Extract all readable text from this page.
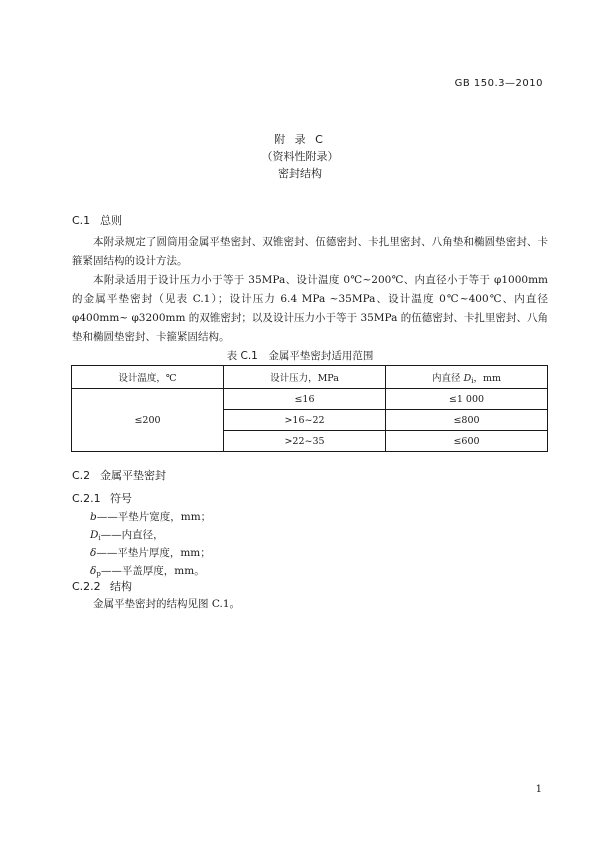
GB 150.3—2010
附 录 C
（资料性附录）
密封结构
C.1 总则

本附录规定了圆筒用金属平垫密封、双锥密封、伍德密封、卡扎里密封、八角垫和椭圆垫密封、卡箍紧固结构的设计方法。

本附录适用于设计压力小于等于 35MPa、设计温度 0℃~200℃、内直径小于等于 φ1000mm 的金属平垫密封（见表 C.1）；设计压力 6.4 MPa ~35MPa、设计温度 0℃~400℃、内直径 φ400mm~ φ3200mm 的双锥密封；以及设计压力小于等于 35MPa 的伍德密封、卡扎里密封、八角垫和椭圆垫密封、卡箍紧固结构。

表 C.1　金属平垫密封适用范围
设计温度，℃	设计压力，MPa	内直径 $D_i$，mm
≤200	≤16	≤1 000
	>16~22	≤800
	>22~35	≤600
C.2 金属平垫密封
C.2.1 符号
b——平垫片宽度，mm；
$D_i——$内直径，
δ——平垫片厚度，mm；
$\delta_p——$平盖厚度，mm。
C.2.2 结构

金属平垫密封的结构见图 C.1。

1
